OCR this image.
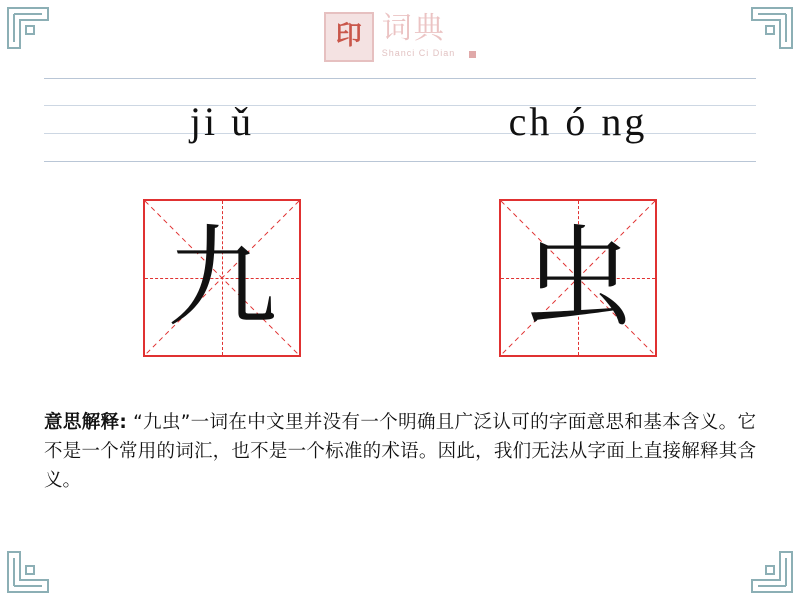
印 词典
Shanci Ci Dian
ji ǔ	ch ó ng
九 虫
意思解释: “九虫”一词在中文里并没有一个明确且广泛认可的字面意思和基本含义。它不是一个常用的词汇，也不是一个标准的术语。因此，我们无法从字面上直接解释其含义。
